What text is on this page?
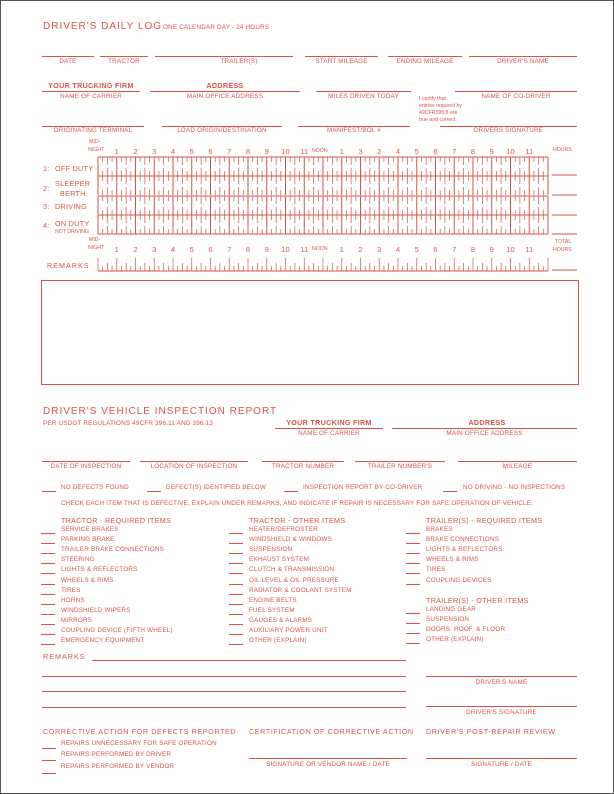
DRIVER'S DAILY LOG ONE CALENDAR DAY - 24 HOURS
DATE	TRACTOR	TRAILER(S)	START MILEAGE	ENDING MILEAGE	DRIVER'S NAME
YOUR TRUCKING FIRM	ADDRESS
NAME OF CARRIER	MAIN OFFICE ADDRESS	MILES DRIVEN TODAY	NAME OF CO-DRIVER
I certify that
entries required by
49CFR395.8 are
true and correct.
ORIGINATING TERMINAL	LOAD ORIGIN/DESTINATION	MANIFEST/BOL #	DRIVERS SIGNATURE
MID-
NIGHT	NOON	HOURS
MID-
NIGHT	NOON
TOTAL
HOURS
1: OFF DUTY
2:
SLEEPER
BERTH
3: DRIVING
4: ON DUTY
NOT DRIVING
REMARKS
1 2 3 4 5 6 7 8 9 10 11	1 3 2 4 5 6 7 8 9 10 11
1 2 3 4 5 6 7 8 9 10 11	1 2 3 4 5 6 7 8 9 10 11
DRIVER'S VEHICLE INSPECTION REPORT
PER USDOT REGULATIONS 49CFR 396.11 AND 396.13	YOUR TRUCKING FIRM	ADDRESS
NAME OF CARRIER	MAIN OFFICE ADDRESS
DATE OF INSPECTION	LOCATION OF INSPECTION	TRACTOR NUMBER	TRAILER NUMBER'S	MILEAGE
NO DEFECTS FOUND	DEFECT(S) IDENTIFIED BELOW	INSPECTION REPORT BY CO-DRIVER	NO DRIVING - NO INSPECTIONS
CHECK EACH ITEM THAT IS DEFECTIVE, EXPLAIN UNDER REMARKS, AND INDICATE IF REPAIR IS NECESSARY FOR SAFE OPERATION OF VEHICLE.
TRACTOR - REQUIRED ITEMS	TRACTOR - OTHER ITEMS	TRAILER(S) - REQUIRED ITEMS
TRAILER(S) - OTHER ITEMS
SERVICE BRAKES
PARKING BRAKE
TRAILER BRAKE CONNECTIONS
STEERING
LIGHTS & REFLECTORS
WHEELS & RIMS
TIRES
HORNS
WINDSHIELD WIPERS
MIRRORS
COUPLING DEVICE (FIFTH WHEEL)
EMERGENCY EQUIPMENT
HEATER/DEFROSTER
WINDSHIELD & WINDOWS
SUSPENSION
EXHAUST SYSTEM
CLUTCH & TRANSMISSION
OIL LEVEL & OIL PRESSURE
RADIATOR & COOLANT SYSTEM
ENGINE BELTS
FUEL SYSTEM
GAUGES & ALARMS
AUXILIARY POWER UNIT
OTHER (EXPLAIN)
BRAKES
BRAKE CONNECTIONS
LIGHTS & REFLECTORS
WHEELS & RIMS
TIRES
COUPLING DEVICES
LANDING GEAR
SUSPENSION
DOORS, ROOF, & FLOOR
OTHER (EXPLAIN)
REMARKS
DRIVER'S NAME
DRIVER'S SIGNATURE
CORRECTIVE ACTION FOR DEFECTS REPORTED
REPAIRS UNNECESSARY FOR SAFE OPERATION
REPAIRS PERFORMED BY DRIVER
REPAIRS PERFORMED BY VENDOR
CERTIFICATION OF CORRECTIVE ACTION
SIGNATURE OR VENDOR NAME / DATE
DRIVER'S POST-REPAIR REVIEW
SIGNATURE / DATE
